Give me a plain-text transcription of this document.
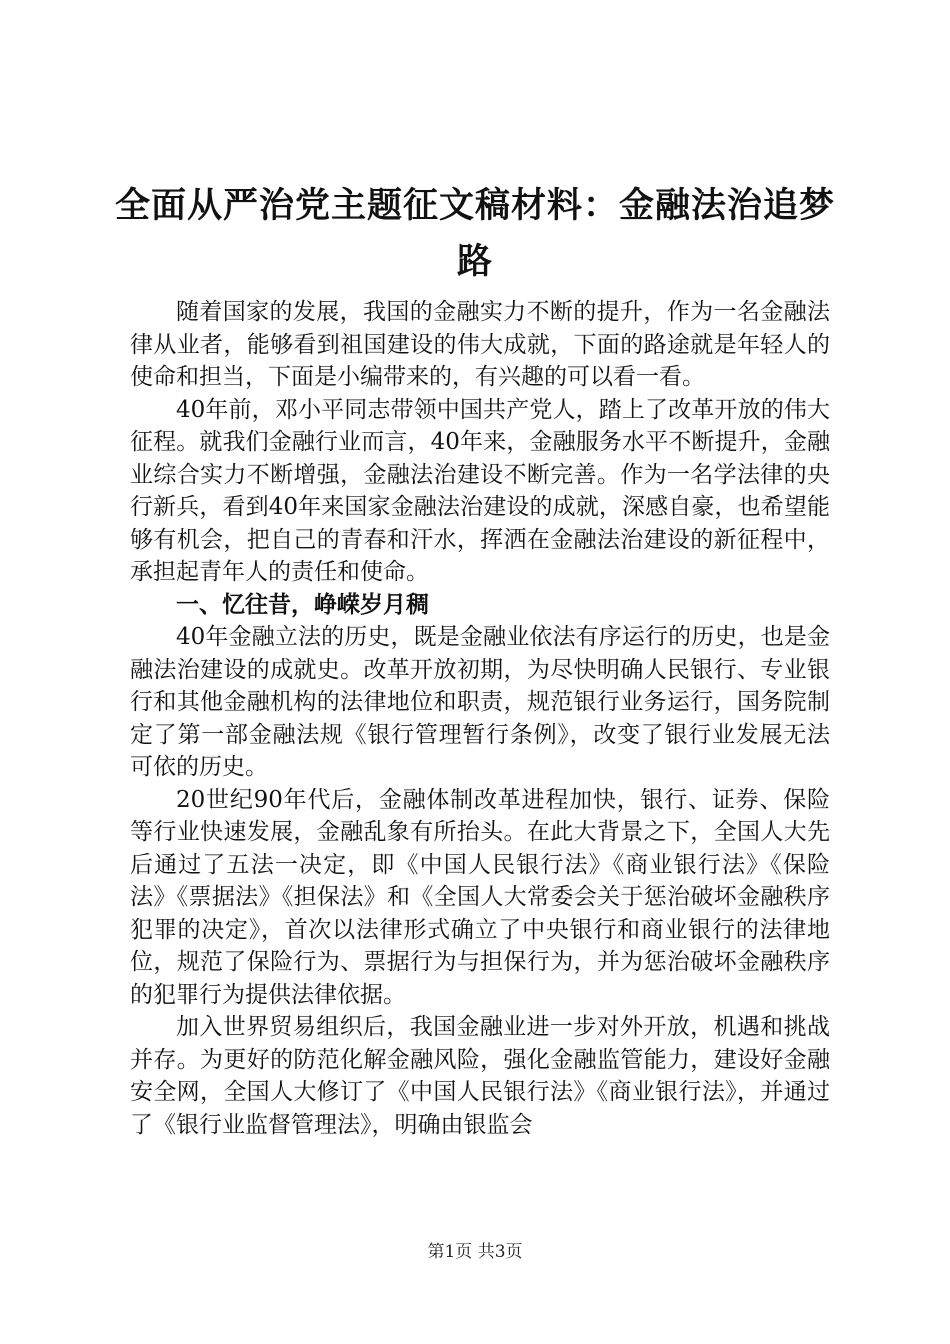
全面从严治党主题征文稿材料：金融法治追梦路

随着国家的发展，我国的金融实力不断的提升，作为一名金融法律从业者，能够看到祖国建设的伟大成就，下面的路途就是年轻人的使命和担当，下面是小编带来的，有兴趣的可以看一看。

40年前，邓小平同志带领中国共产党人，踏上了改革开放的伟大征程。就我们金融行业而言，40年来，金融服务水平不断提升，金融业综合实力不断增强，金融法治建设不断完善。作为一名学法律的央行新兵，看到40年来国家金融法治建设的成就，深感自豪，也希望能够有机会，把自己的青春和汗水，挥洒在金融法治建设的新征程中，承担起青年人的责任和使命。

一、忆往昔，峥嵘岁月稠

40年金融立法的历史，既是金融业依法有序运行的历史，也是金融法治建设的成就史。改革开放初期，为尽快明确人民银行、专业银行和其他金融机构的法律地位和职责，规范银行业务运行，国务院制定了第一部金融法规《银行管理暂行条例》，改变了银行业发展无法可依的历史。

20世纪90年代后，金融体制改革进程加快，银行、证券、保险等行业快速发展，金融乱象有所抬头。在此大背景之下，全国人大先后通过了五法一决定，即《中国人民银行法》《商业银行法》《保险法》《票据法》《担保法》和《全国人大常委会关于惩治破坏金融秩序犯罪的决定》，首次以法律形式确立了中央银行和商业银行的法律地位，规范了保险行为、票据行为与担保行为，并为惩治破坏金融秩序的犯罪行为提供法律依据。

加入世界贸易组织后，我国金融业进一步对外开放，机遇和挑战并存。为更好的防范化解金融风险，强化金融监管能力，建设好金融安全网，全国人大修订了《中国人民银行法》《商业银行法》，并通过了《银行业监督管理法》，明确由银监会

第1页 共3页
